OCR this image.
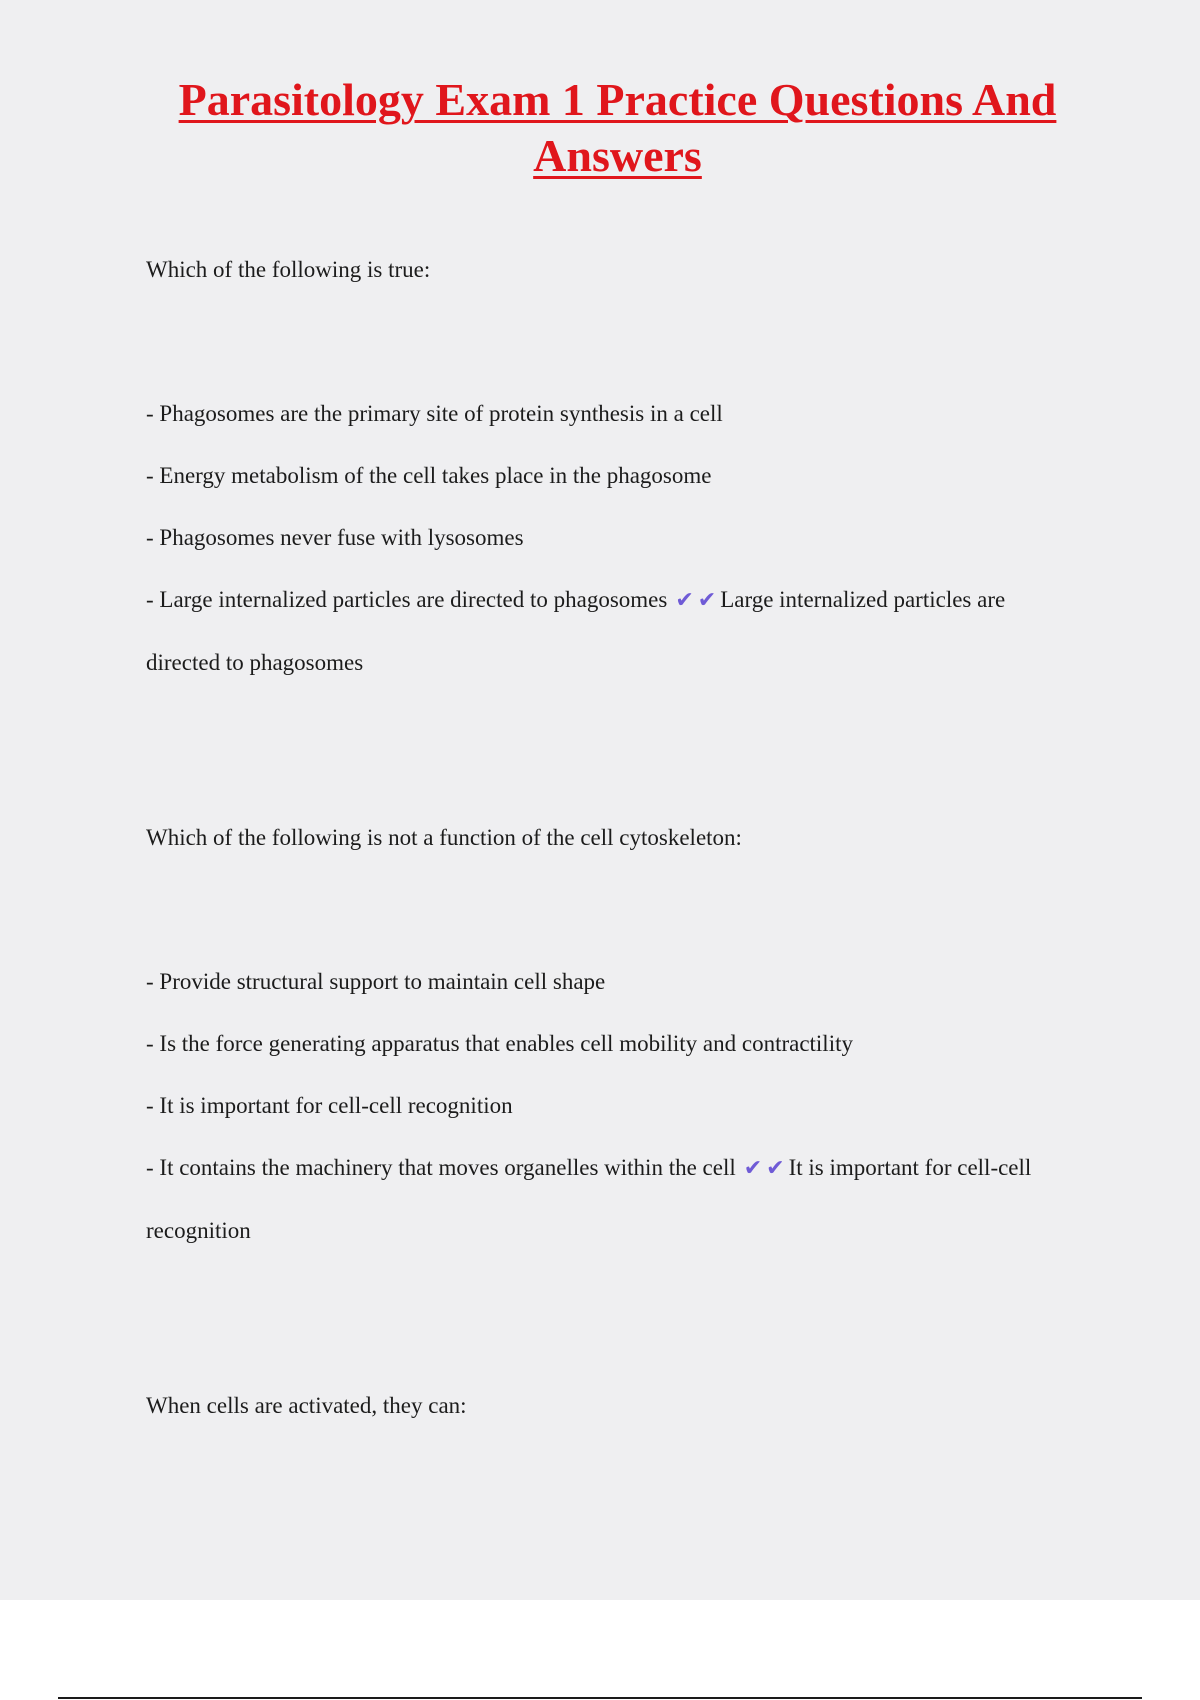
Parasitology Exam 1 Practice Questions And Answers
Which of the following is true:
- Phagosomes are the primary site of protein synthesis in a cell
- Energy metabolism of the cell takes place in the phagosome
- Phagosomes never fuse with lysosomes
- Large internalized particles are directed to phagosomes ✔ ✔ Large internalized particles are directed to phagosomes
Which of the following is not a function of the cell cytoskeleton:
- Provide structural support to maintain cell shape
- Is the force generating apparatus that enables cell mobility and contractility
- It is important for cell-cell recognition
- It contains the machinery that moves organelles within the cell ✔ ✔ It is important for cell-cell recognition
When cells are activated, they can:
